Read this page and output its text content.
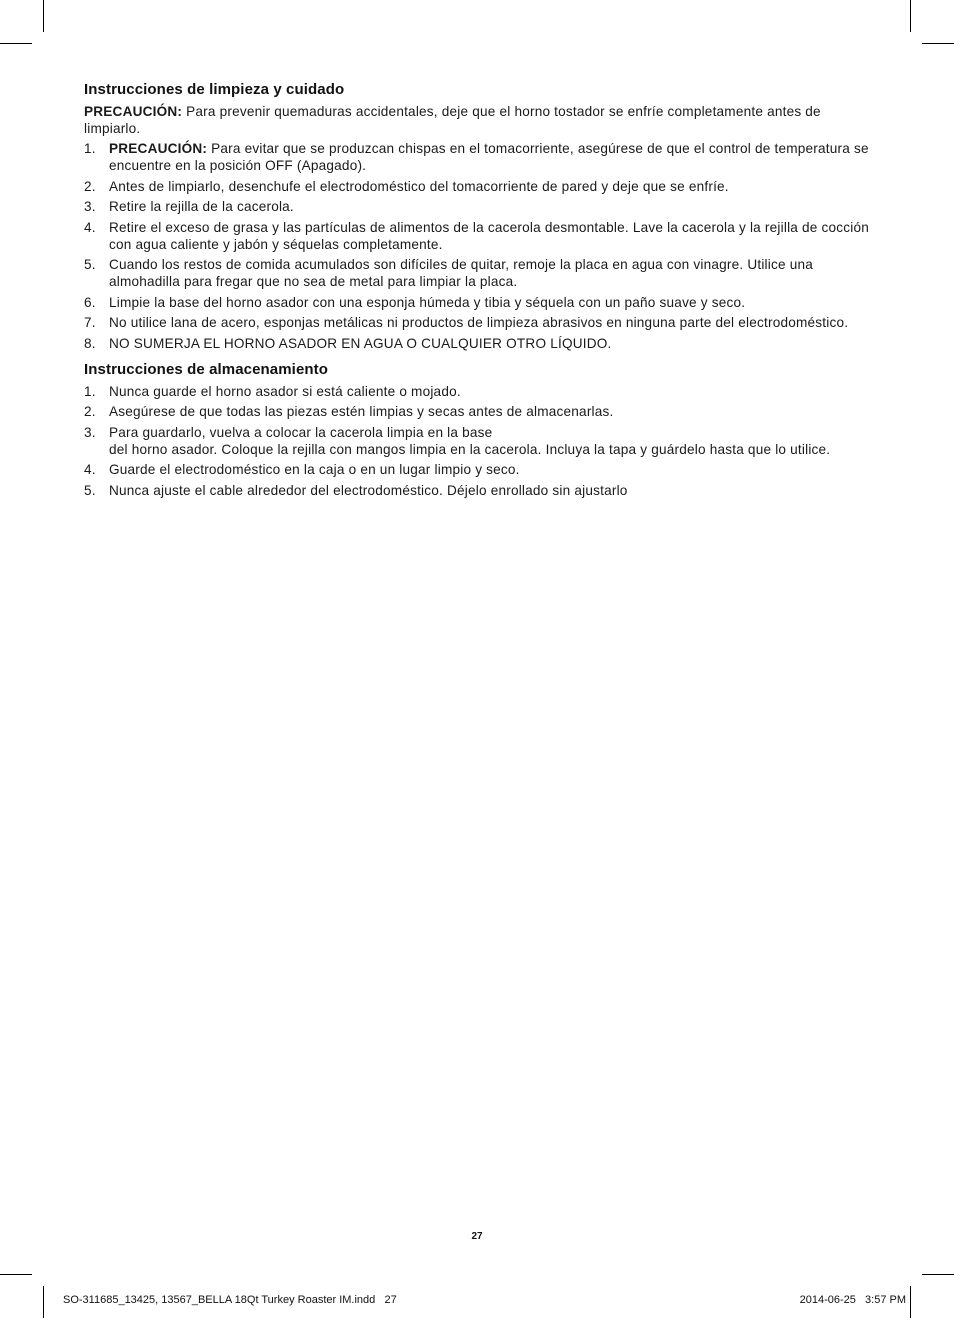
Instrucciones de limpieza y cuidado

PRECAUCIÓN: Para prevenir quemaduras accidentales, deje que el horno tostador se enfríe completamente antes de limpiarlo.

1. PRECAUCIÓN: Para evitar que se produzcan chispas en el tomacorriente, asegúrese de que el control de temperatura se encuentre en la posición OFF (Apagado).
2. Antes de limpiarlo, desenchufe el electrodoméstico del tomacorriente de pared y deje que se enfríe.
3. Retire la rejilla de la cacerola.
4. Retire el exceso de grasa y las partículas de alimentos de la cacerola desmontable. Lave la cacerola y la rejilla de cocción con agua caliente y jabón y séquelas completamente.
5. Cuando los restos de comida acumulados son difíciles de quitar, remoje la placa en agua con vinagre. Utilice una almohadilla para fregar que no sea de metal para limpiar la placa.
6. Limpie la base del horno asador con una esponja húmeda y tibia y séquela con un paño suave y seco.
7. No utilice lana de acero, esponjas metálicas ni productos de limpieza abrasivos en ninguna parte del electrodoméstico.
8. NO SUMERJA EL HORNO ASADOR EN AGUA O CUALQUIER OTRO LÍQUIDO.
Instrucciones de almacenamiento
1. Nunca guarde el horno asador si está caliente o mojado.
2. Asegúrese de que todas las piezas estén limpias y secas antes de almacenarlas.
3. Para guardarlo, vuelva a colocar la cacerola limpia en la base
del horno asador. Coloque la rejilla con mangos limpia en la cacerola. Incluya la tapa y guárdelo hasta que lo utilice.
4. Guarde el electrodoméstico en la caja o en un lugar limpio y seco.
5. Nunca ajuste el cable alrededor del electrodoméstico. Déjelo enrollado sin ajustarlo
27
SO-311685_13425, 13567_BELLA 18Qt Turkey Roaster IM.indd   27	2014-06-25   3:57 PM
